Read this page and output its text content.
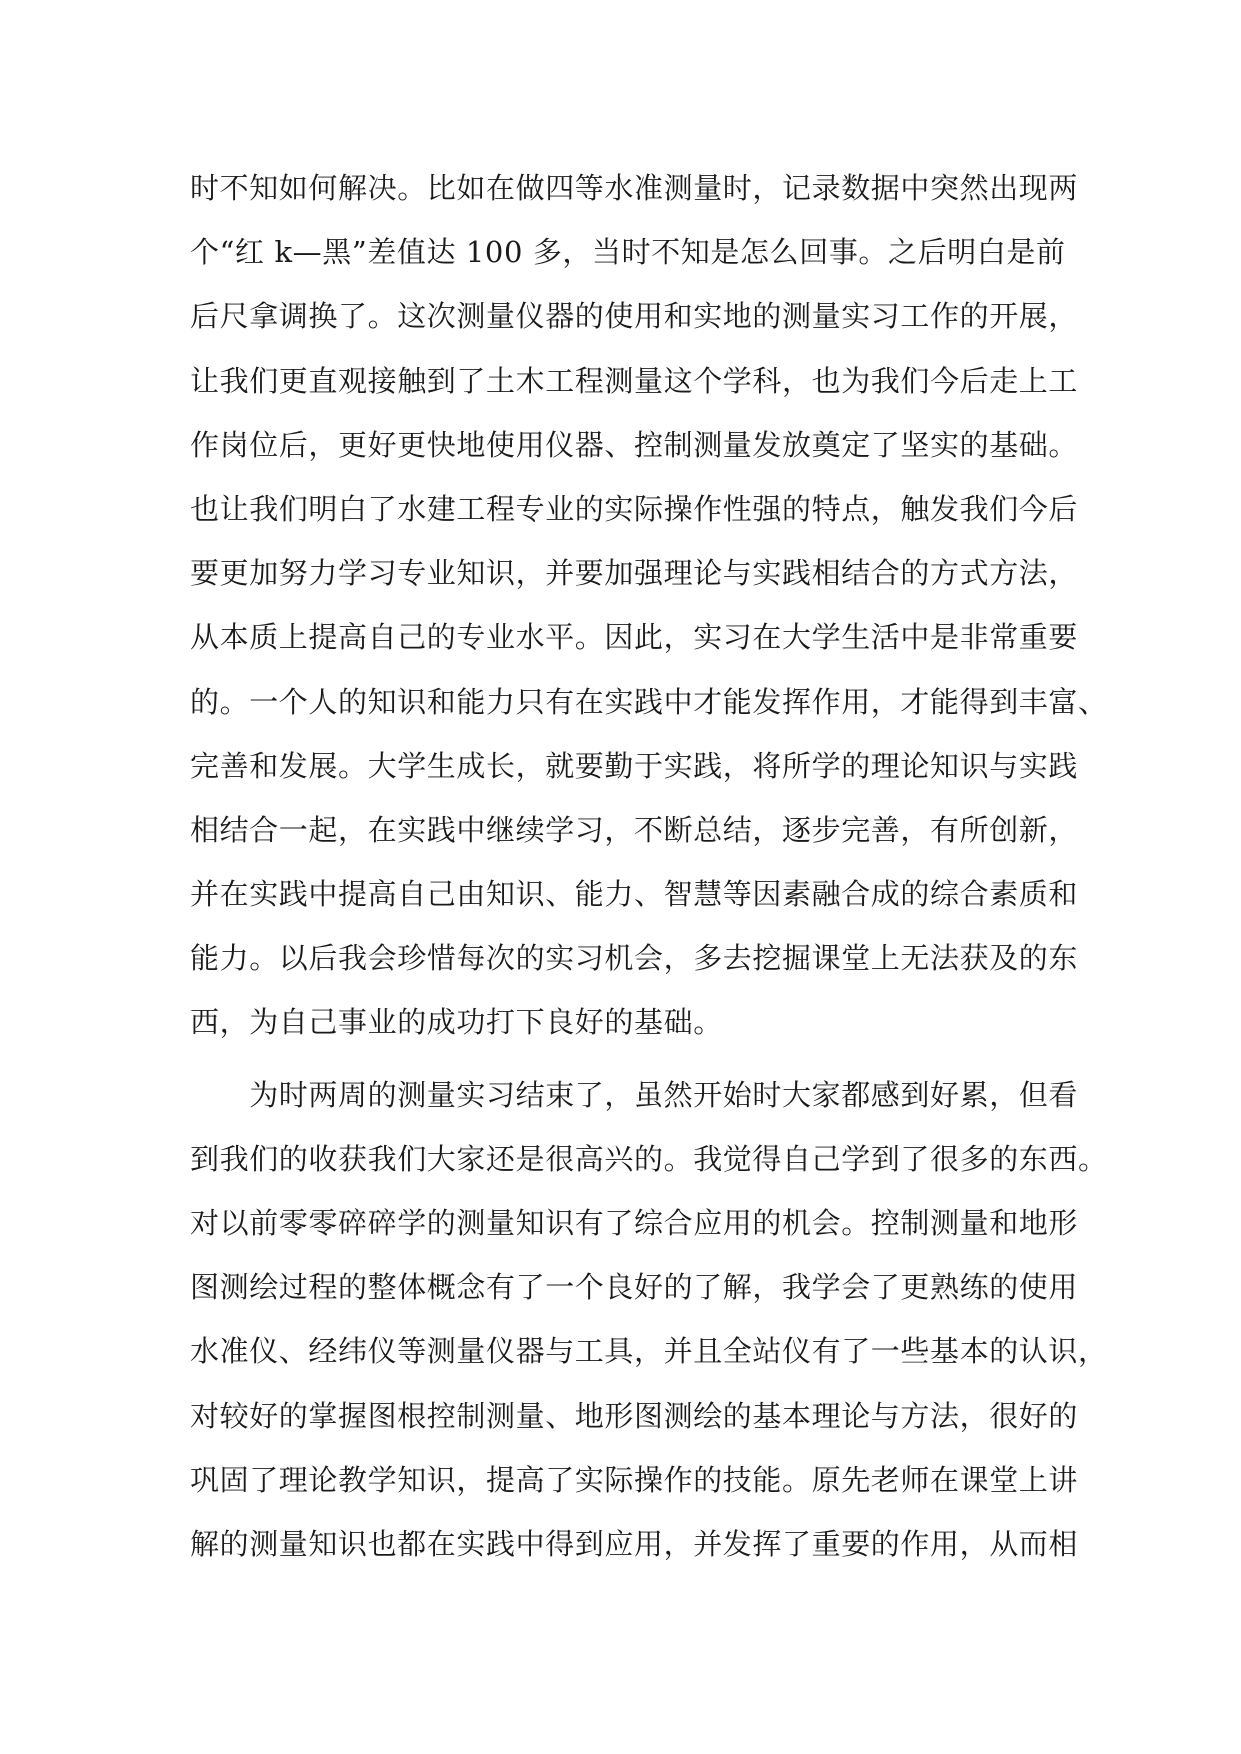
时不知如何解决。比如在做四等水准测量时，记录数据中突然出现两
个“红 k—黑”差值达 100 多，当时不知是怎么回事。之后明白是前
后尺拿调换了。这次测量仪器的使用和实地的测量实习工作的开展，
让我们更直观接触到了土木工程测量这个学科，也为我们今后走上工
作岗位后，更好更快地使用仪器、控制测量发放奠定了坚实的基础。
也让我们明白了水建工程专业的实际操作性强的特点，触发我们今后
要更加努力学习专业知识，并要加强理论与实践相结合的方式方法，
从本质上提高自己的专业水平。因此，实习在大学生活中是非常重要
的。一个人的知识和能力只有在实践中才能发挥作用，才能得到丰富、
完善和发展。大学生成长，就要勤于实践，将所学的理论知识与实践
相结合一起，在实践中继续学习，不断总结，逐步完善，有所创新，
并在实践中提高自己由知识、能力、智慧等因素融合成的综合素质和
能力。以后我会珍惜每次的实习机会，多去挖掘课堂上无法获及的东
西，为自己事业的成功打下良好的基础。
　　为时两周的测量实习结束了，虽然开始时大家都感到好累，但看
到我们的收获我们大家还是很高兴的。我觉得自己学到了很多的东西。
对以前零零碎碎学的测量知识有了综合应用的机会。控制测量和地形
图测绘过程的整体概念有了一个良好的了解，我学会了更熟练的使用
水准仪、经纬仪等测量仪器与工具，并且全站仪有了一些基本的认识，
对较好的掌握图根控制测量、地形图测绘的基本理论与方法，很好的
巩固了理论教学知识，提高了实际操作的技能。原先老师在课堂上讲
解的测量知识也都在实践中得到应用，并发挥了重要的作用，从而相
